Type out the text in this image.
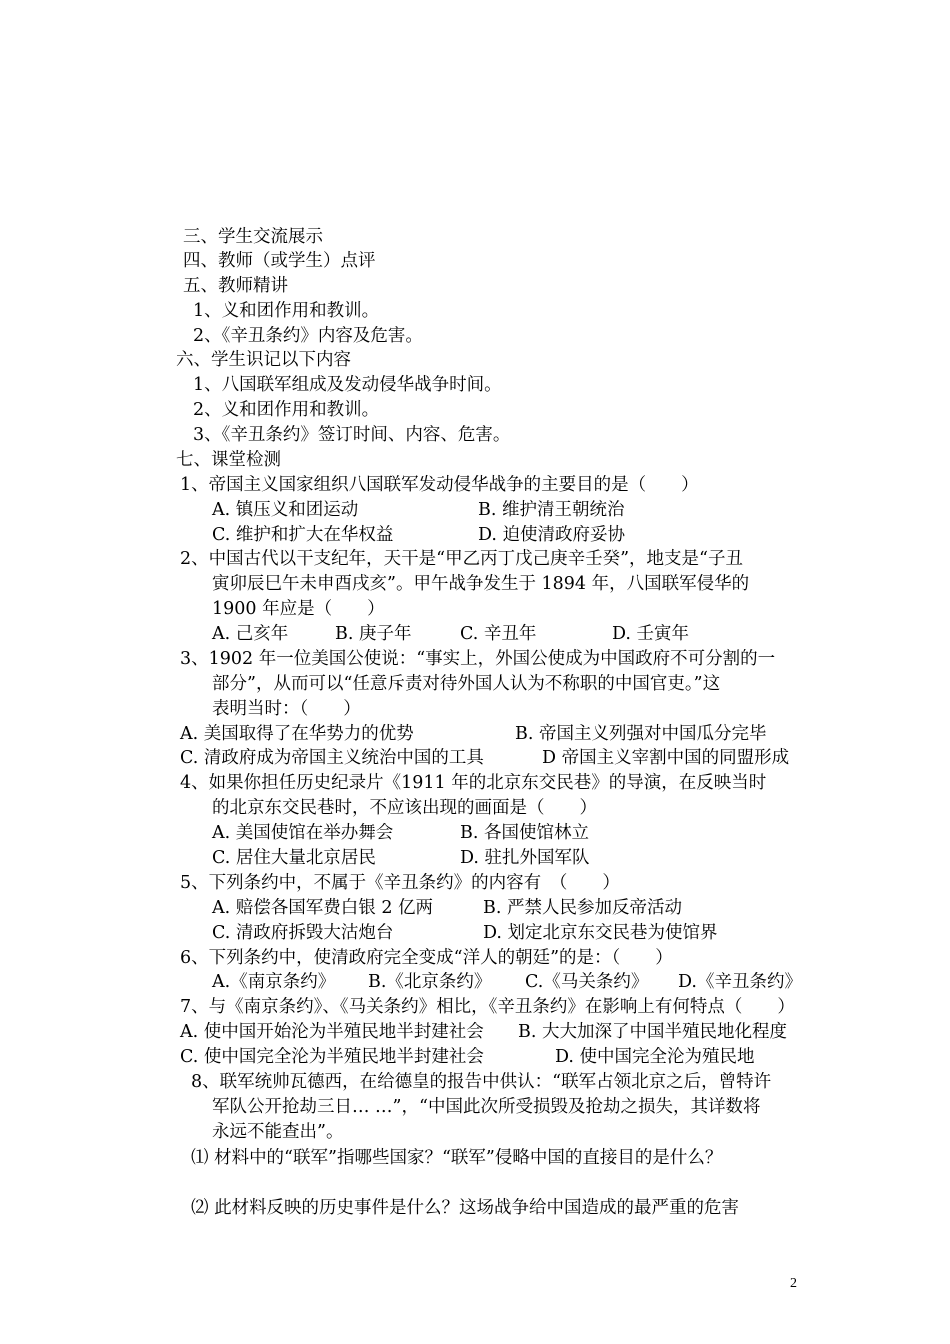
三、学生交流展示
四、教师（或学生）点评
五、教师精讲
1、义和团作用和教训。
2、《辛丑条约》内容及危害。
六、学生识记以下内容
1、八国联军组成及发动侵华战争时间。
2、义和团作用和教训。
3、《辛丑条约》签订时间、内容、危害。
七、课堂检测
1、帝国主义国家组织八国联军发动侵华战争的主要目的是（　　）
A. 镇压义和团运动	B. 维护清王朝统治
C. 维护和扩大在华权益	D. 迫使清政府妥协
2、中国古代以干支纪年，天干是“甲乙丙丁戊己庚辛壬癸”，地支是“子丑
寅卯辰巳午未申酉戌亥”。甲午战争发生于 1894 年，八国联军侵华的
1900 年应是（　　）
A. 己亥年	B. 庚子年	C. 辛丑年	D. 壬寅年
3、1902 年一位美国公使说：“事实上，外国公使成为中国政府不可分割的一
部分”，从而可以“任意斥责对待外国人认为不称职的中国官吏。”这
表明当时：（　　）
A. 美国取得了在华势力的优势	B. 帝国主义列强对中国瓜分完毕
C. 清政府成为帝国主义统治中国的工具	D 帝国主义宰割中国的同盟形成
4、如果你担任历史纪录片《1911 年的北京东交民巷》的导演，在反映当时
的北京东交民巷时，不应该出现的画面是（　　）
A. 美国使馆在举办舞会	B. 各国使馆林立
C. 居住大量北京居民	D. 驻扎外国军队
5、下列条约中，不属于《辛丑条约》的内容有　（　　）
A. 赔偿各国军费白银 2 亿两	B. 严禁人民参加反帝活动
C. 清政府拆毁大沽炮台	D. 划定北京东交民巷为使馆界
6、下列条约中，使清政府完全变成“洋人的朝廷”的是：（　　）
A.《南京条约》 B.《北京条约》 C.《马关条约》 D.《辛丑条约》
7、与《南京条约》、《马关条约》相比，《辛丑条约》在影响上有何特点（　　）
A. 使中国开始沦为半殖民地半封建社会 B. 大大加深了中国半殖民地化程度
C. 使中国完全沦为半殖民地半封建社会	D. 使中国完全沦为殖民地
8、联军统帅瓦德西，在给德皇的报告中供认：“联军占领北京之后，曾特许
军队公开抢劫三日… …”，“中国此次所受损毁及抢劫之损失，其详数将
永远不能查出”。
⑴ 材料中的“联军”指哪些国家？“联军”侵略中国的直接目的是什么？
⑵ 此材料反映的历史事件是什么？这场战争给中国造成的最严重的危害
2
